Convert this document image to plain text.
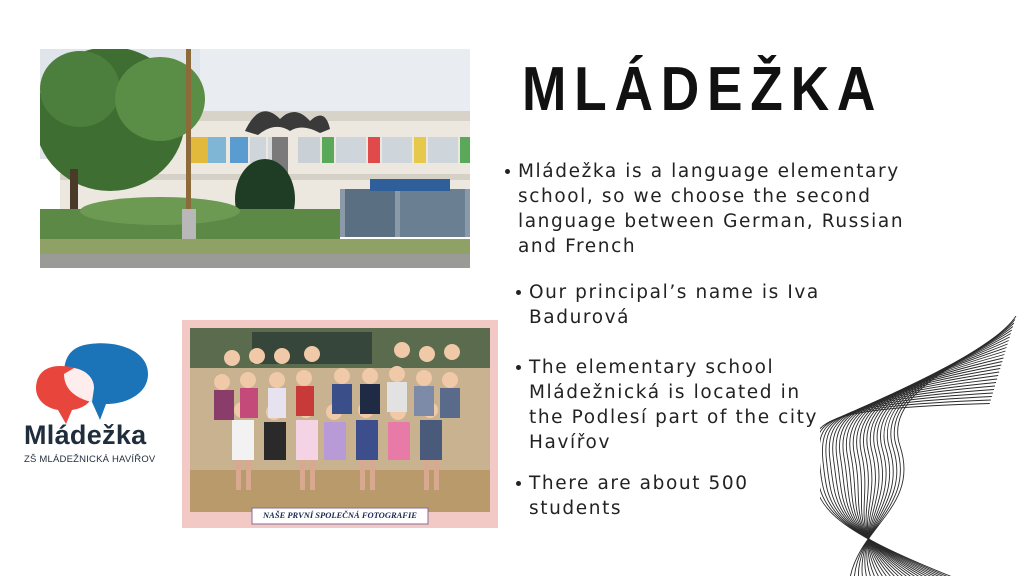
MLÁDEŽKA
Mládežka is a language elementary school, so we choose the second language between German, Russian and French
Our principal’s name is Iva Badurová
The elementary school Mládežnická is located in the Podlesí part of the city Havířov
There are about 500 students
Mládežka
ZŠ MLÁDEŽNICKÁ HAVÍŘOV
NAŠE PRVNÍ SPOLEČNÁ FOTOGRAFIE
